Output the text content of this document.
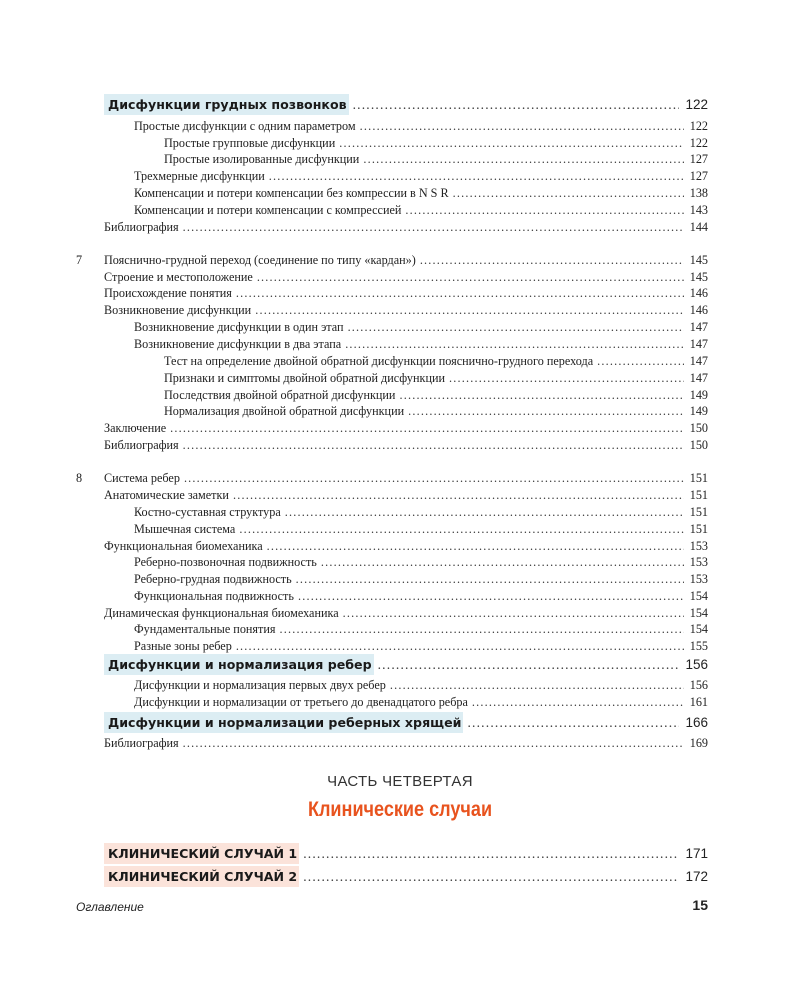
Дисфункции грудных позвонков .....	122
Простые дисфункции с одним параметром .....	122
Простые групповые дисфункции .....	122
Простые изолированные дисфункции .....	127
Трехмерные дисфункции .....	127
Компенсации и потери компенсации без компрессии в N S R .....	138
Компенсации и потери компенсации с компрессией .....	143
Библиография .....	144
7 Пояснично-грудной переход (соединение по типу «кардан») .....	145
Строение и местоположение .....	145
Происхождение понятия .....	146
Возникновение дисфункции .....	146
Возникновение дисфункции в один этап .....	147
Возникновение дисфункции в два этапа .....	147
Тест на определение двойной обратной дисфункции пояснично-грудного перехода .....	147
Признаки и симптомы двойной обратной дисфункции .....	147
Последствия двойной обратной дисфункции .....	149
Нормализация двойной обратной дисфункции .....	149
Заключение .....	150
Библиография .....	150
8 Система ребер .....	151
Анатомические заметки .....	151
Костно-суставная структура .....	151
Мышечная система .....	151
Функциональная биомеханика .....	153
Реберно-позвоночная подвижность .....	153
Реберно-грудная подвижность .....	153
Функциональная подвижность .....	154
Динамическая функциональная биомеханика .....	154
Фундаментальные понятия .....	154
Разные зоны ребер .....	155
Дисфункции и нормализация ребер .....	156
Дисфункции и нормализация первых двух ребер .....	156
Дисфункции и нормализации от третьего до двенадцатого ребра .....	161
Дисфункции и нормализации реберных хрящей .....	166
Библиография .....	169
ЧАСТЬ ЧЕТВЕРТАЯ
Клинические случаи
КЛИНИЧЕСКИЙ СЛУЧАЙ 1 .....	171
КЛИНИЧЕСКИЙ СЛУЧАЙ 2 .....	172
Оглавление	15
